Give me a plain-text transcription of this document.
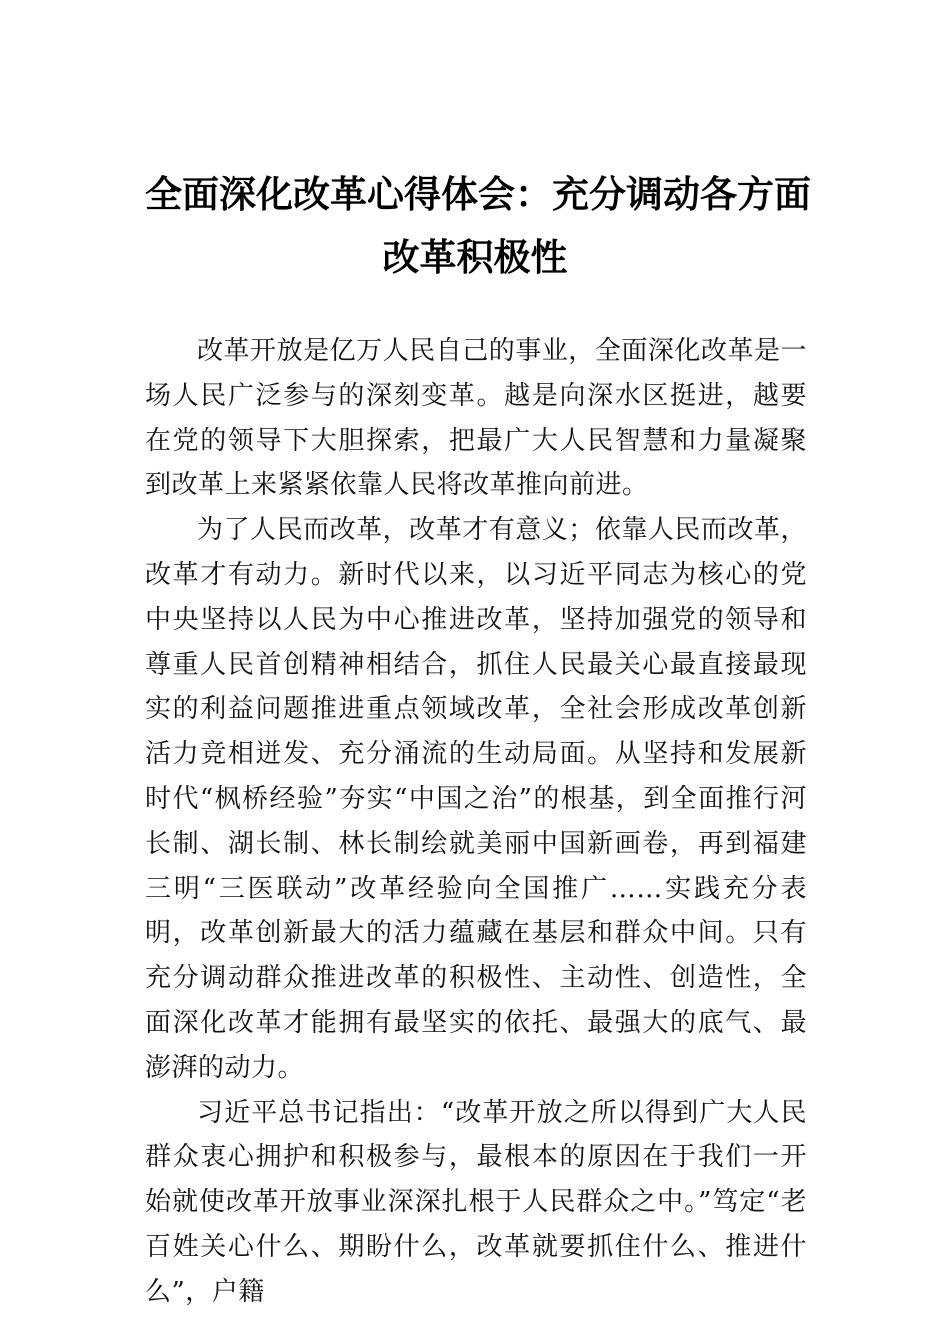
全面深化改革心得体会：充分调动各方面
改革积极性

改革开放是亿万人民自己的事业，全面深化改革是一场人民广泛参与的深刻变革。越是向深水区挺进，越要在党的领导下大胆探索，把最广大人民智慧和力量凝聚到改革上来紧紧依靠人民将改革推向前进。

为了人民而改革，改革才有意义；依靠人民而改革，改革才有动力。新时代以来，以习近平同志为核心的党中央坚持以人民为中心推进改革，坚持加强党的领导和尊重人民首创精神相结合，抓住人民最关心最直接最现实的利益问题推进重点领域改革，全社会形成改革创新活力竞相迸发、充分涌流的生动局面。从坚持和发展新时代“枫桥经验”夯实“中国之治”的根基，到全面推行河长制、湖长制、林长制绘就美丽中国新画卷，再到福建三明“三医联动”改革经验向全国推广……实践充分表明，改革创新最大的活力蕴藏在基层和群众中间。只有充分调动群众推进改革的积极性、主动性、创造性，全面深化改革才能拥有最坚实的依托、最强大的底气、最澎湃的动力。

习近平总书记指出：“改革开放之所以得到广大人民群众衷心拥护和积极参与，最根本的原因在于我们一开始就使改革开放事业深深扎根于人民群众之中。”笃定“老百姓关心什么、期盼什么，改革就要抓住什么、推进什么”，户籍
